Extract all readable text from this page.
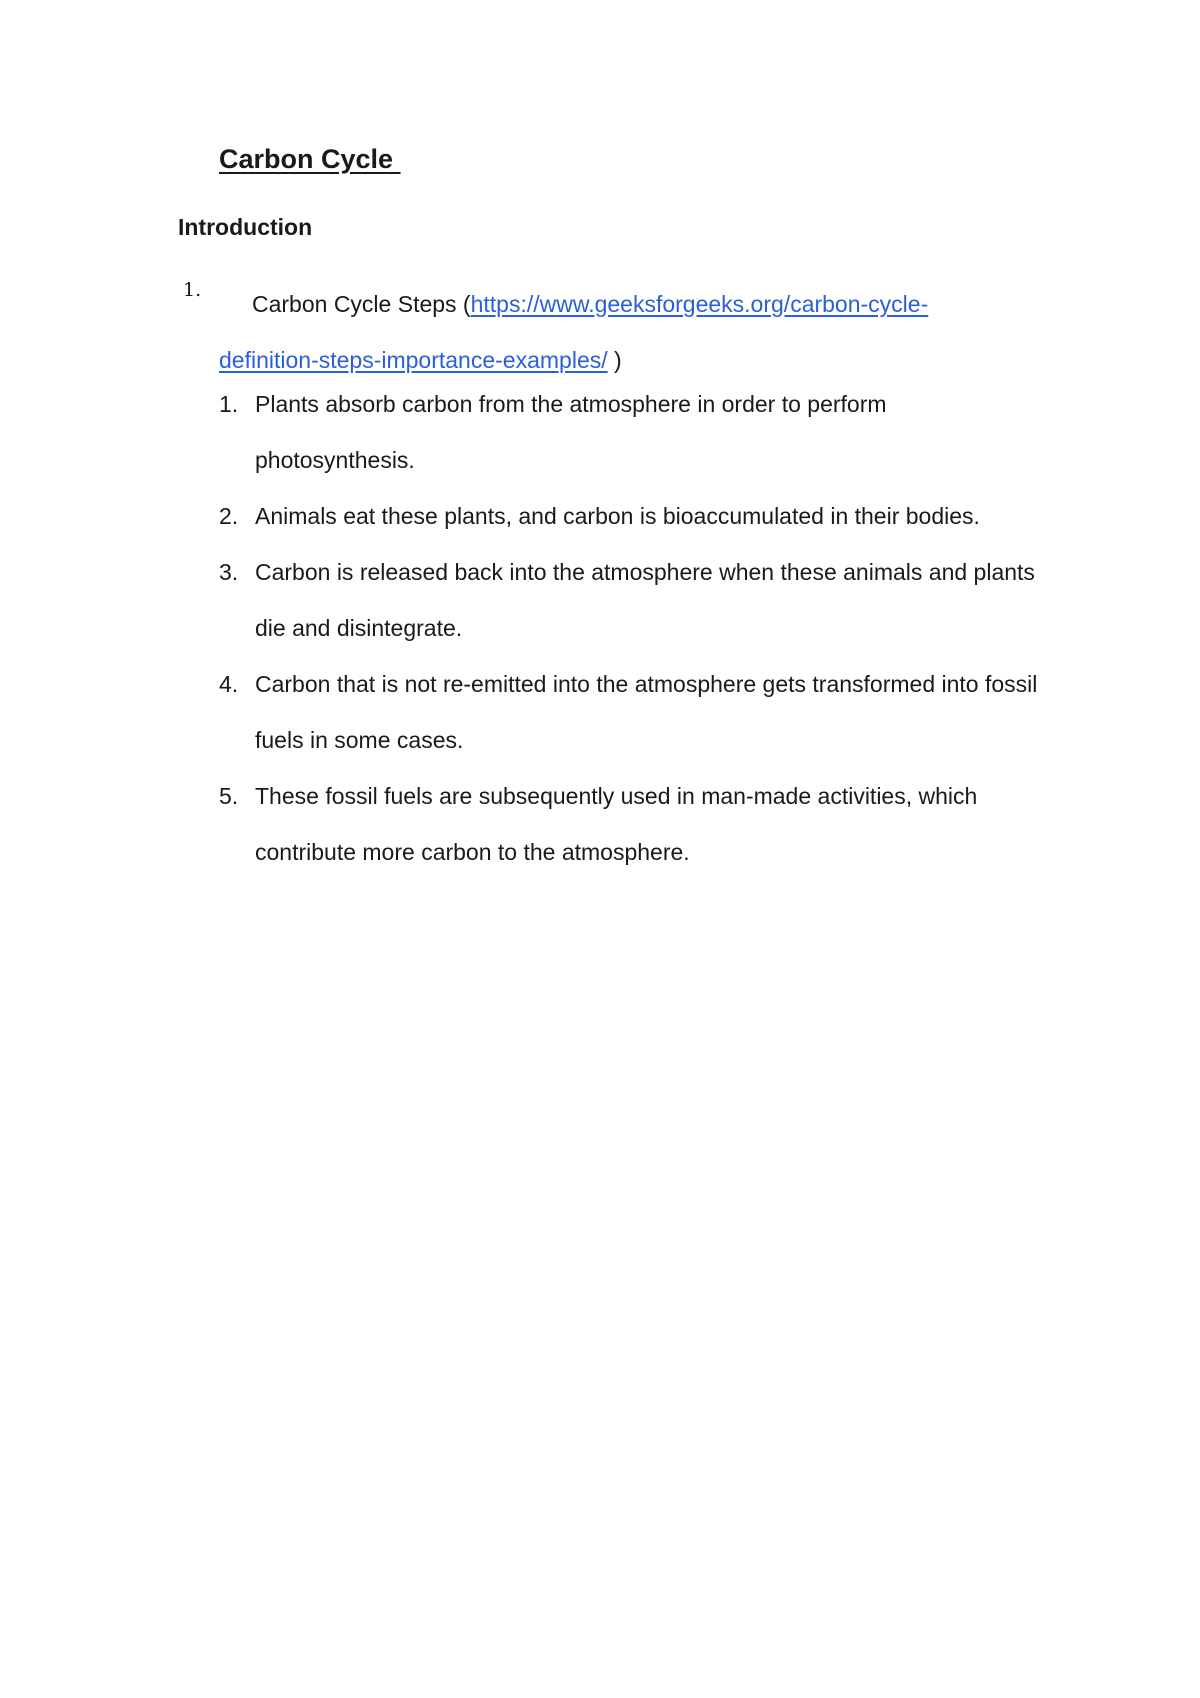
Carbon Cycle
Introduction
1.
Carbon Cycle Steps (https://www.geeksforgeeks.org/carbon-cycle-
definition-steps-importance-examples/ )
1. Plants absorb carbon from the atmosphere in order to perform photosynthesis.
2. Animals eat these plants, and carbon is bioaccumulated in their bodies.
3. Carbon is released back into the atmosphere when these animals and plants die and disintegrate.
4. Carbon that is not re-emitted into the atmosphere gets transformed into fossil fuels in some cases.
5. These fossil fuels are subsequently used in man-made activities, which contribute more carbon to the atmosphere.
